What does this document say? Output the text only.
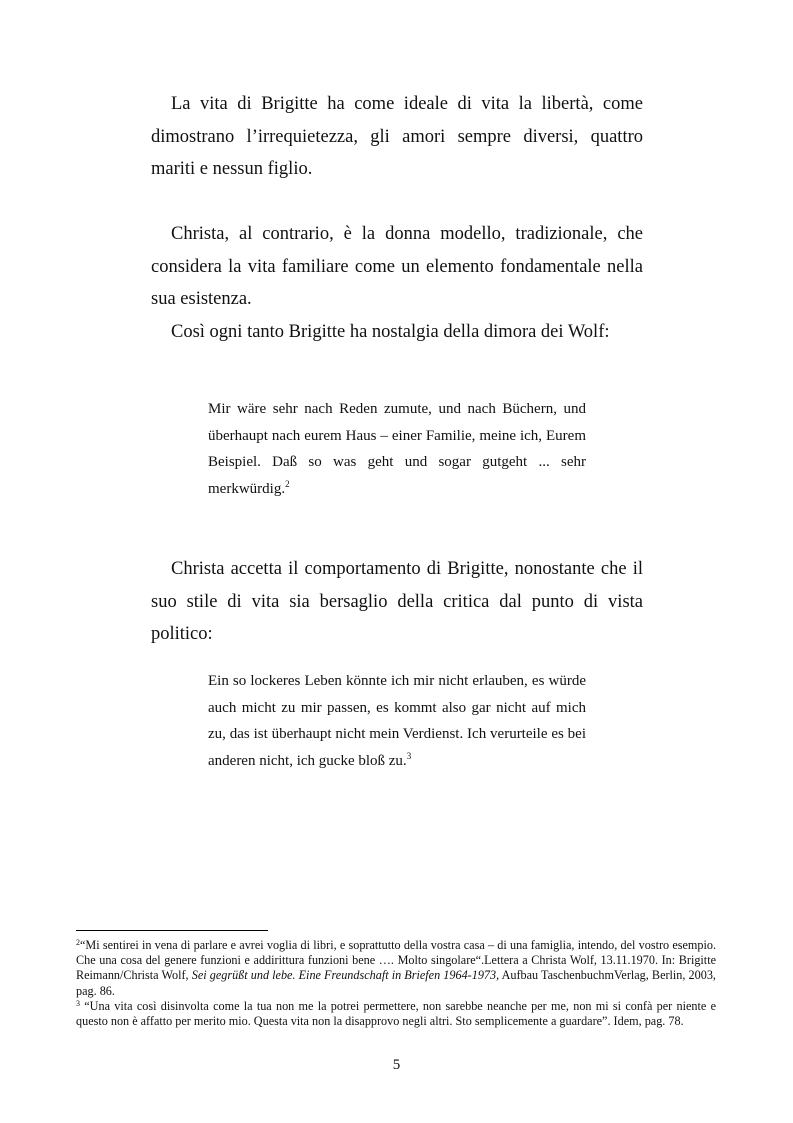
La vita di Brigitte ha come ideale di vita la libertà, come dimostrano l’irrequietezza, gli amori sempre diversi, quattro mariti e nessun figlio.

Christa, al contrario, è la donna modello, tradizionale, che considera la vita familiare come un elemento fondamentale nella sua esistenza.

Così ogni tanto Brigitte ha nostalgia della dimora dei Wolf:

Mir wäre sehr nach Reden zumute, und nach Büchern, und überhaupt nach eurem Haus – einer Familie, meine ich, Eurem Beispiel. Daß so was geht und sogar gutgeht ... sehr merkwürdig.$^2$

Christa accetta il comportamento di Brigitte, nonostante che il suo stile di vita sia bersaglio della critica dal punto di vista politico:

Ein so lockeres Leben könnte ich mir nicht erlauben, es würde auch micht zu mir passen, es kommt also gar nicht auf mich zu, das ist überhaupt nicht mein Verdienst. Ich verurteile es bei anderen nicht, ich gucke bloß zu.$^3$

$^2$“Mi sentirei in vena di parlare e avrei voglia di libri, e soprattutto della vostra casa – di una famiglia, intendo, del vostro esempio. Che una cosa del genere funzioni e addirittura funzioni bene …. Molto singolare“.Lettera a Christa Wolf, 13.11.1970. In: Brigitte Reimann/Christa Wolf, Sei gegrüßt und lebe. Eine Freundschaft in Briefen 1964-1973, Aufbau TaschenbuchmVerlag, Berlin, 2003, pag. 86.

$^3$ “Una vita così disinvolta come la tua non me la potrei permettere, non sarebbe neanche per me, non mi si confà per niente e questo non è affatto per merito mio. Questa vita non la disapprovo negli altri. Sto semplicemente a guardare”. Idem, pag. 78.

5
